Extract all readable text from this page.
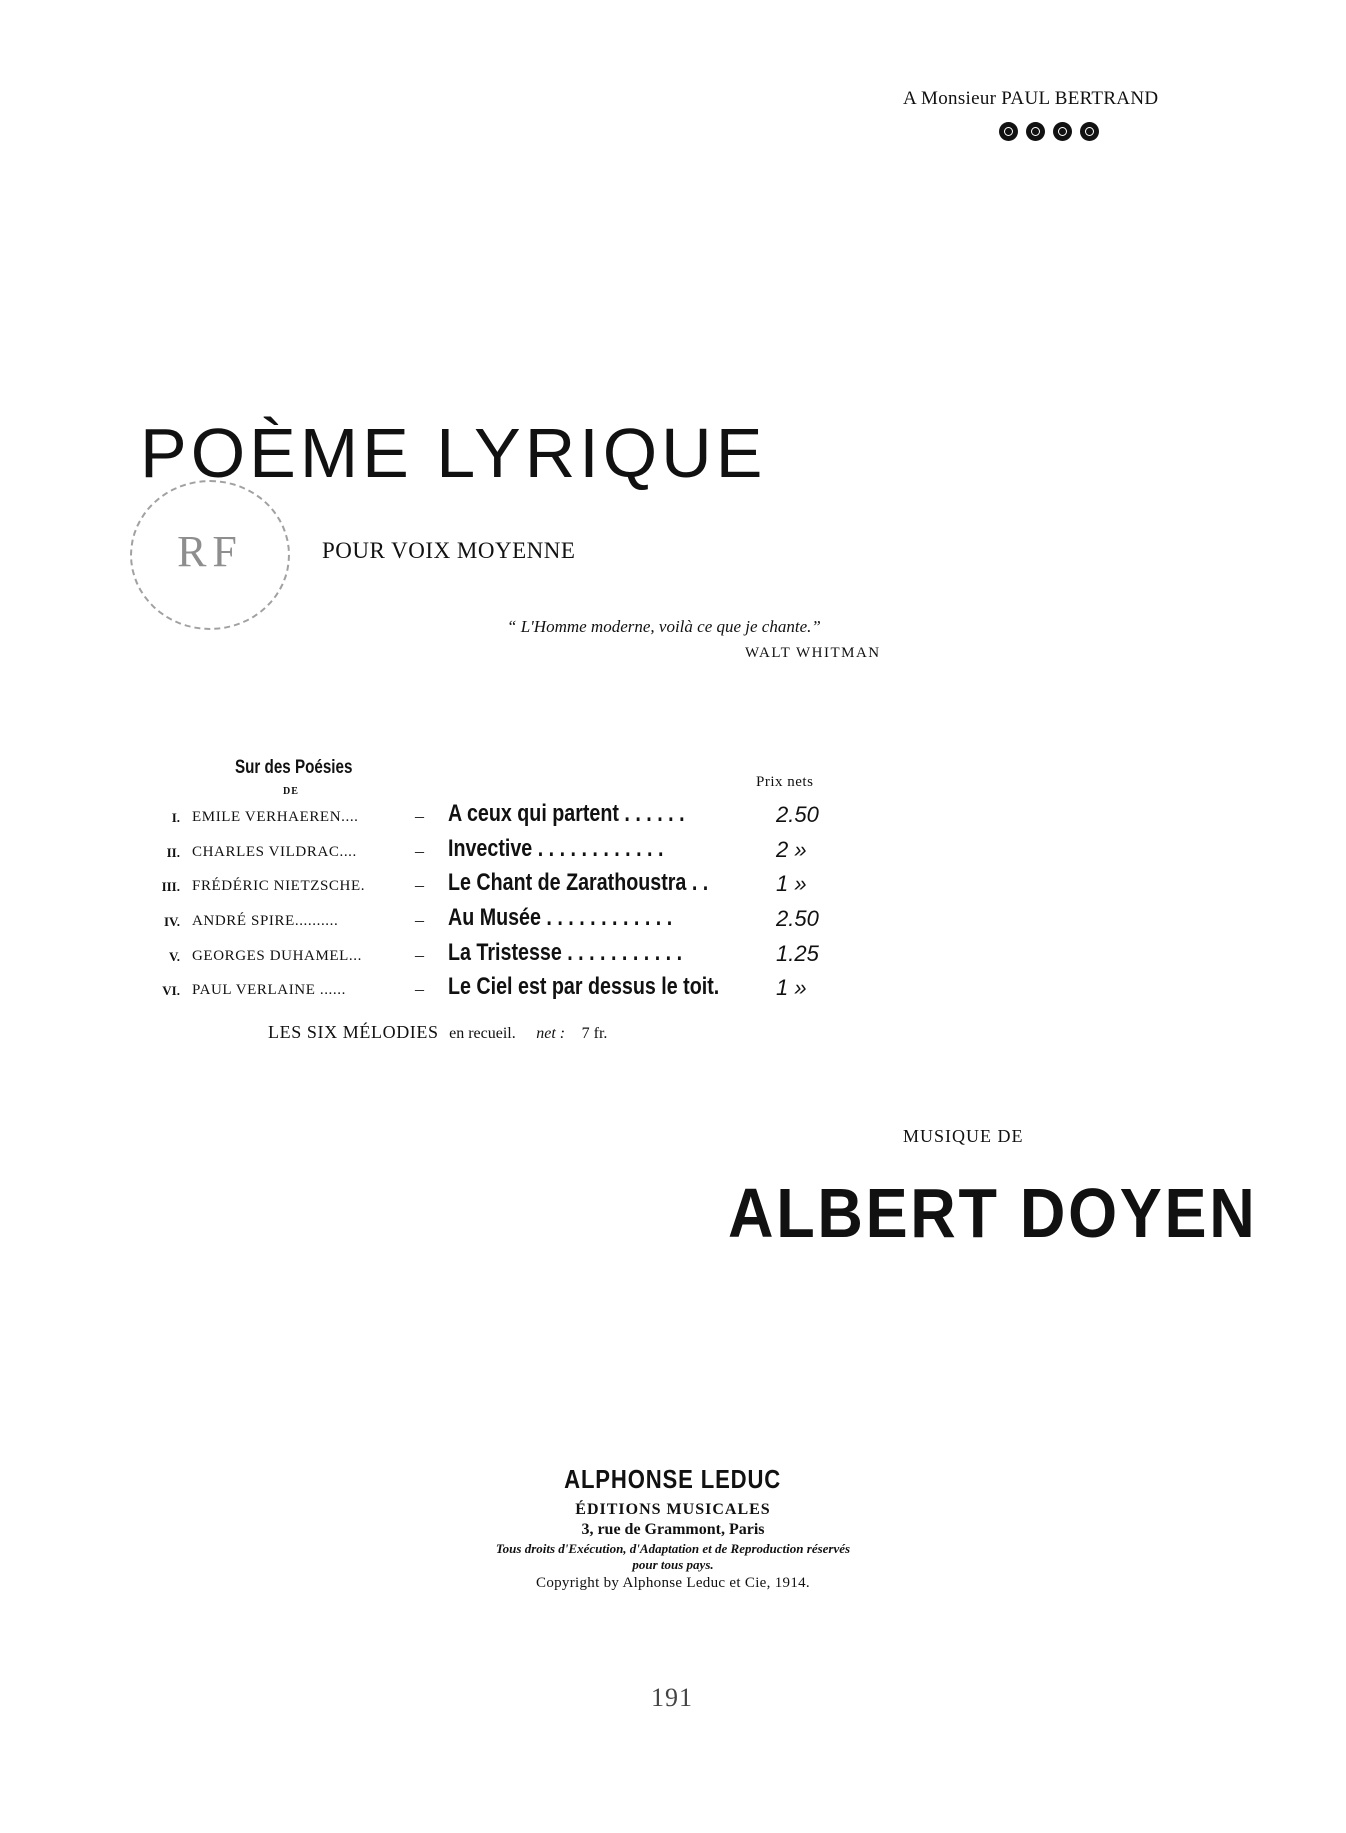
A Monsieur PAUL BERTRAND
POÈME LYRIQUE
RF	POUR VOIX MOYENNE
“ L'Homme moderne, voilà ce que je chante.”
WALT WHITMAN
Sur des Poésies
DE
Prix nets
I. EMILE VERHAEREN....	– A ceux qui partent . . . . . .	2.50
II. CHARLES VILDRAC....	– Invective . . . . . . . . . . . .	2 »
III. FRÉDÉRIC NIETZSCHE.	– Le Chant de Zarathoustra . .	1 »
IV. ANDRÉ SPIRE..........	– Au Musée . . . . . . . . . . . .	2.50
V. GEORGES DUHAMEL...	– La Tristesse . . . . . . . . . . .	1.25
VI. PAUL VERLAINE ......	– Le Ciel est par dessus le toit.	1 »
LES SIX MÉLODIES en recueil. net : 7 fr.
MUSIQUE DE
ALBERT DOYEN
ALPHONSE LEDUC
ÉDITIONS MUSICALES
3, rue de Grammont, Paris
Tous droits d'Exécution, d'Adaptation et de Reproduction réservés
pour tous pays.
Copyright by Alphonse Leduc et Cie, 1914.
191
